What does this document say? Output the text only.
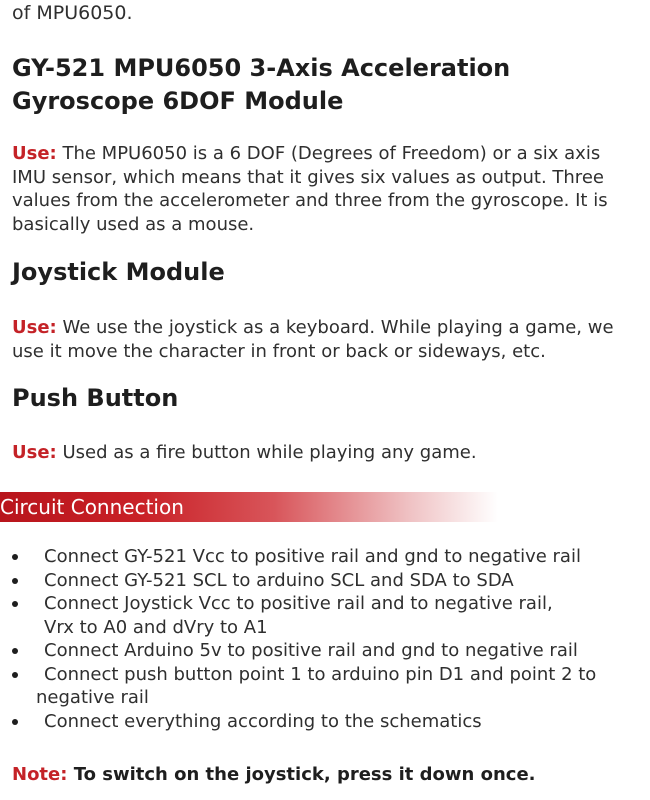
of MPU6050.
GY-521 MPU6050 3-Axis Acceleration Gyroscope 6DOF Module

Use: The MPU6050 is a 6 DOF (Degrees of Freedom) or a six axis IMU sensor, which means that it gives six values as output. Three values from the accelerometer and three from the gyroscope. It is basically used as a mouse.

Joystick Module

Use: We use the joystick as a keyboard. While playing a game, we use it move the character in front or back or sideways, etc.

Push Button

Use: Used as a fire button while playing any game.

Circuit Connection
Connect GY-521 Vcc to positive rail and gnd to negative rail
Connect GY-521 SCL to arduino SCL and SDA to SDA
Connect Joystick Vcc to positive rail and to negative rail, Vrx to A0 and dVry to A1
Connect Arduino 5v to positive rail and gnd to negative rail
Connect push button point 1 to arduino pin D1 and point 2 to negative rail
Connect everything according to the schematics

Note: To switch on the joystick, press it down once.
